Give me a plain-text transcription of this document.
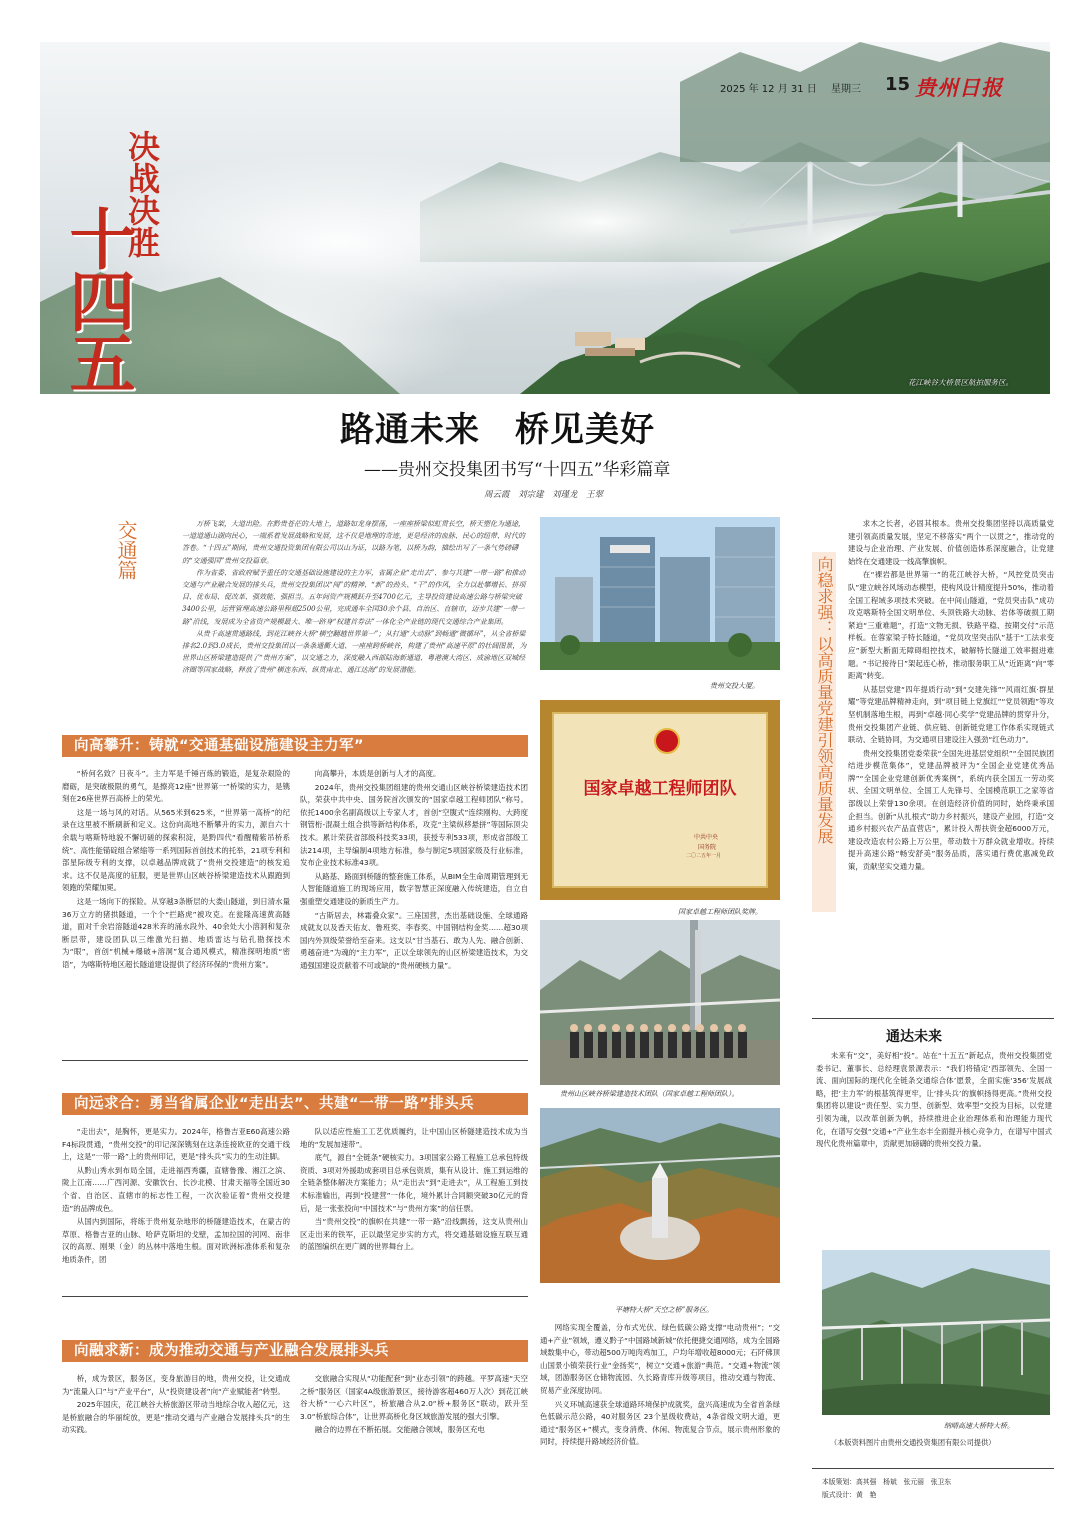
2025 年 12 月 31 日 星期三 15 贵州日报
决战决胜
十四五	花江峡谷大桥景区航拍服务区。
路通未来　桥见美好
——贵州交投集团书写“十四五”华彩篇章
周云霞　刘宗建　刘瑾龙　王翠
交通篇	万桥飞架，大道出险。在黔贵苍茫的大地上，道路如龙身摆荡，一座座桥梁似虹贯长空，桥天塑化为通途，一道道通山湖向民心，一端系着发展战略和发展，这不仅是地理的奇迹，更是经济的血脉、民心的纽带、时代的答卷。“十四五”期间，贵州交通投资集团有限公司以山为证，以路为笔，以桥为韵，描绘出写了一条气势磅礴的“交通强国”贵州交投篇章。

作为省委、省政府赋予重任的交通基础设施建设的主力军，省属企业“走出去”、参与共建“一带一路”和推动交通与产业融合发展的排头兵，贵州交投集团以“闯”的精神、“新”的劲头、“干”的作风，全力以赴攀增长、拼项目、优布局、促改革、强效能、强担当。五年间资产规模跃升至4700亿元，主导投资建设高速公路与桥梁突破3400公里，运营管理高速公路里程超2500公里，完成通车全国30余个县、自治区、直辖市，迈步共建“一带一路”沿线，发展成为全省资产规模最大、唯一跻身“权建首券法”一体化全产业链的现代交通综合产业集团。

从贵千高速贯通路线，到花江峡谷大桥“横空翻越世界第一”；从打通“大动脉”到畅通“微循环”，从全省桥梁排名2.0到3.0成长，贵州交投集团以一条条通衢大道、一座座跨桥峡谷，构建了贵州“高速平原”的壮阔图景，为世界山区桥梁建造提供了“贵州方案”，以交通之力，深度融入西部陆海新通道、粤港澳大湾区、成渝地区双城经济圈等国家战略，释放了贵州“横连东西、纵贯南北、通江达海”的发展潜能。

贵州交投大厦。
国家卓越工程师团队
中共中央
国务院
二〇二五年一月
国家卓越工程师团队奖牌。
向高攀升：铸就“交通基础设施建设主力军”

“桥何名致？日夜斗”。主力军是千锤百炼的锻造，是复杂艰险的磨砺，是突破极限的勇气，是擦亮12座“世界第一”桥梁的实力，是镌刻在26座世界百高桥上的荣光。

这是一场与风的对话。从565米到625米，“世界第一高桥”的纪录在这里被不断刷新和定义。这份向高地不断攀升的实力，源自六十余载与喀斯特地貌不懈切磋的探索积淀，是黔四代“看醒精紫吊桥系统”、高性能锚碇组合紧缩等一系列国际首创技术的托举，21项专利和部星际级专利的支撑，以卓越品牌成就了“贵州交投建造”的核发追求。这不仅是高度的征服，更是世界山区峡谷桥梁建造技术从跟跑到领跑的荣耀加冕。

这是一场向下的探险。从穿越3条断层的大娄山隧道，到日清水量36万立方的猪拱隧道，一个个“拦路虎”被攻克。在瓮隆高速黄高隧道，面对千余岩溶隧道428米弃的涌水段外、40余处大小溶洞和复杂断层带，建设团队以三维激光扫描、地质雷达与钻孔勘探技术为“眼”，首创“机械+爆破+溶洞”复合通风模式，精准探明地质“密语”，为喀斯特地区超长隧道建设提供了经济环保的“贵州方案”。

向高攀升，本质是创新与人才的高度。

2024年，贵州交投集团组建的贵州交通山区峡谷桥梁建造技术团队，荣获中共中央、国务院首次颁发的“国家卓越工程师团队”称号。依托1400余名副高级以上专家人才，首创“空腹式”连续刚构、大跨度钢管桁-混凝土组合拱等新结构体系，攻克“主梁纵移悬拼”等国际顶尖技术。累计荣获省部级科技奖33项，获授专利533项，形成省部级工法214项，主导编制4项地方标准，参与制定5项国家级及行业标准，发布企业技术标准43项。

从路基、路面到桥隧的整套施工体系，从BIM全生命周期管理到无人智能隧道施工的现场应用，数字智慧正深度融入传统建造，自立自强重塑交通建设的新质生产力。

“古斯居去，林霜叠众家”。三座国营，杰出基础设施、全球通路成就友以及香天佑友、鲁班奖、李春奖、中国钢结构金奖……超30项国内外顶级荣誉给至奋来。这支以“甘当基石、敢为人先、融合创新、勇越奋进”为魂的“主力军”，正以全球领先的山区桥梁建造技术，为交通强国建设贡献着不可或缺的“贵州硬核力量”。

贵州山区峡谷桥梁建造技术团队（国家卓越工程师团队）。
向远求合：勇当省属企业“走出去”、共建“一带一路”排头兵

“走出去”，是胸怀，更是实力。2024年，格鲁吉亚E60高速公路F4标段贯通，“贵州交投”的印记深深镌刻在这条连接欧亚的交通干线上，这是“一带一路”上的贵州印记，更是“排头兵”实力的生动注脚。

从黔山秀水到布局全国，走进福西秀疆，直辖鲁豫、湘江之滨、陇上江南……广西河源、安徽饮台、长沙北模、甘肃天福等全国近30个省、自治区、直辖市的标志性工程，一次次验证着“贵州交投建造”的品牌成色。

从国内到国际，将练于贵州复杂地形的桥隧建造技术，在蒙古的草原、格鲁吉亚的山脉、哈萨克斯坦的戈壁，孟加拉国的河网、南非汉的高原、刚果（金）的丛林中落地生根。面对欧洲标准体系和复杂地质条件，团

队以适应性施工工艺优质履约，让中国山区桥隧建造技术成为当地的“发展加速带”。

底气，源自“全链条”硬核实力。3项国家公路工程施工总承包特级资质、3项对外援助成套项目总承包资质，集有从设计、施工到运维的全链条整体解决方案能力；从“走出去”到“走进去”，从工程施工到技术标准输出，再到“投建营”一体化，境外累计合同额突破30亿元的背后，是一张张投向“中国技术”与“贵州方案”的信任票。

当“贵州交投”的旗帜在共建“一带一路”沿线飘扬，这支从贵州山区走出来的铁军，正以最坚定步实的方式，将交通基础设施互联互通的蓝图编织在更广阔的世界舞台上。

平塘特大桥“天空之桥”服务区。
向融求新：成为推动交通与产业融合发展排头兵

桥，成为景区，服务区，变身旅游目的地，贵州交投，让交通成为“流量入口”与“产业平台”，从“投资建设者”向“产业赋能者”转型。

2025年国庆，花江峡谷大桥旅游区带动当地综合收入超亿元，这是桥旅融合的华丽绽放，更是“推动交通与产业融合发展排头兵”的生动实践。

交旅融合实现从“功能配套”到“业态引领”的跨越。平罗高速“天空之桥”服务区（国家4A级旅游景区，接待游客超460万人次）到花江峡谷大桥“一心六叶区”，桥旅融合从2.0“桥+服务区”联动，跃升至3.0“桥旅综合体”，让世界高桥化身区域旅游发展的强大引擎。

融合的边界在不断拓展。交能融合领域，服务区充电

网络实现全覆盖，分布式光伏、绿色低碳公路支撑“电动贵州”；“交通+产业”领域，遵义黔子“中国路域新城”依托便捷交通网络，成为全国路域数集中心，带动超500万吨肉鸡加工，户均年增收超8000元；石阡佛顶山国景小镇荣获行业“金扬奖”，树立“交通+旅游”典范。“交通+物流”领域，团游服务区仓储物流园、久长路青库升级等项目，推动交通与物流、贸易产业深度协同。

兴义环城高速获全球道路环境保护成就奖，盘兴高速成为全省首条绿色低碳示范公路，40对服务区 23个星级收费站，4条省级文明大道，更通过“服务区+”模式，变身消费、休闲、物流复合节点，展示贵州形象的同时，持续提升路域经济价值。

向稳求强：以高质量党建引领高质量发展

求木之长者，必固其根本。贵州交投集团坚持以高质量党建引领高质量发展，坚定不移落实“两个一以贯之”，推动党的建设与企业治理、产业发展、价值创造体系深度融合，让党建始终在交通建设一线高擎旗帜。

在“裸岩都是世界第一”的花江峡谷大桥，“风控党员突击队”建立峡谷风场动态模型，使构风设计精度提升50%，推动着全国工程域多项技术突破。在中间山隧道，“党员突击队”成功攻克喀斯特全国文明单位、头顶铁路大动脉、岩体等破损工期紧迫“三重难题”，打造“文物无损、铁路平稳、按期交付”示范样板。在蓉家梁子特长隧道，“党员攻坚突击队”基于“工法求变应”新型大断面无障碍组控技术，破解特长隧道工效率掘进难题。“书记接待日”架起连心桥，推动服务职工从“近距离”向“零距离”转变。

从基层党建“四年提质行动”到“交建先锋”“风雨红旗·群星耀”等党建品牌精神走向，到“项目链上党旗红”“党员领跑”等攻坚机制落地生根，再到“卓越·同心奖学”党建品牌的贯穿升分，贵州交投集团产业链、供应链、创新链党建工作体系实现链式联动、全链协同，为交通项目建设注入强劲“红色动力”。

贵州交投集团党委荣获“全国先进基层党组织”“全国民族团结进步模范集体”，党建品牌被评为“全国企业党建优秀品牌”“全国企业党建创新优秀案例”，系统内获全国五一劳动奖状、全国文明单位、全国工人先锋号、全国模范职工之家等省部级以上荣誉130余项。在创造经济价值的同时，始终秉承国企担当。创新“从扎根式”助力乡村振兴，建设产业园，打造“交通乡村振兴农产品直营店”，累计投入帮扶资金超6000万元，建设改造农村公路上万公里，带动数十万群众就业增收。持续提升高速公路“畅安舒美”服务品质，落实通行费优惠减免政策，贡献坚实交通力量。

通达未来

未来有“交”，美好相“投”。站在“十五五”新起点，贵州交投集团党委书记、董事长、总经理袁景源表示：“我们将锚定‘西部领先、全国一流、面向国际的现代化全链条交通综合体’愿景，全面实施‘356’发展战略，把‘主力军’的根基筑得更牢，让‘排头兵’的旗帜扬得更高。”贵州交投集团将以建设“责任型、实力型、创新型、效率型”交投为目标，以党建引领为魂，以改革创新为帆，持续推进企业治理体系和治理能力现代化，在谱写交强“交通+”产业生态丰全面提升核心竞争力，在谱写中国式现代化贵州篇章中，贡献更加磅礴的贵州交投力量。

纳晴高速大桥特大桥。
（本版资料图片由贵州交通投资集团有限公司提供）
本版策划：高其强　杨斌　张元丽　张卫东
版式设计：黄　艳
